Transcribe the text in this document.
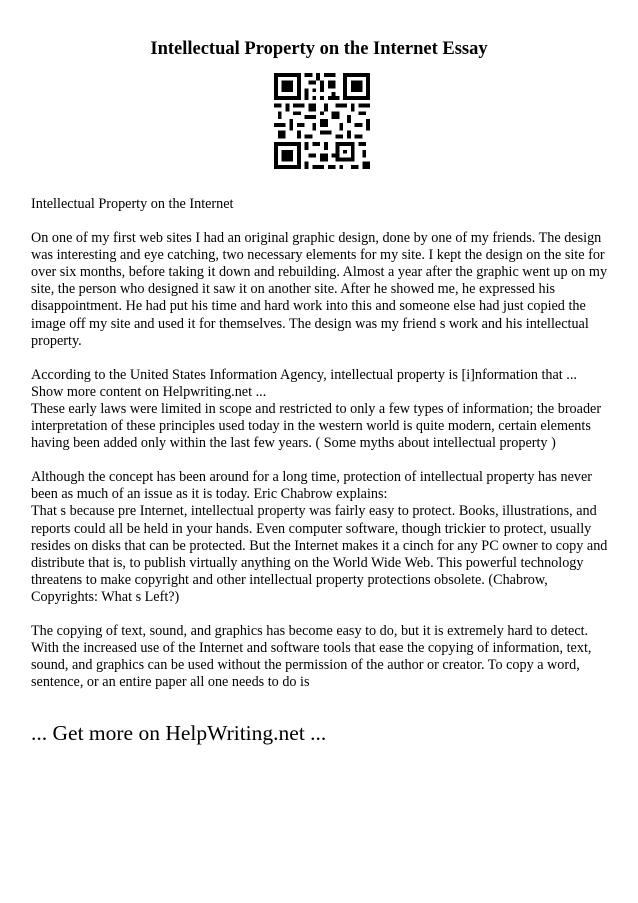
Intellectual Property on the Internet Essay

Intellectual Property on the Internet

On one of my first web sites I had an original graphic design, done by one of my friends. The design was interesting and eye catching, two necessary elements for my site. I kept the design on the site for over six months, before taking it down and rebuilding. Almost a year after the graphic went up on my site, the person who designed it saw it on another site. After he showed me, he expressed his disappointment. He had put his time and hard work into this and someone else had just copied the image off my site and used it for themselves. The design was my friend s work and his intellectual property.

According to the United States Information Agency, intellectual property is [i]nformation that ... Show more content on Helpwriting.net ...

These early laws were limited in scope and restricted to only a few types of information; the broader interpretation of these principles used today in the western world is quite modern, certain elements having been added only within the last few years. ( Some myths about intellectual property )

Although the concept has been around for a long time, protection of intellectual property has never been as much of an issue as it is today. Eric Chabrow explains:

That s because pre Internet, intellectual property was fairly easy to protect. Books, illustrations, and reports could all be held in your hands. Even computer software, though trickier to protect, usually resides on disks that can be protected. But the Internet makes it a cinch for any PC owner to copy and distribute that is, to publish virtually anything on the World Wide Web. This powerful technology threatens to make copyright and other intellectual property protections obsolete. (Chabrow, Copyrights: What s Left?)

The copying of text, sound, and graphics has become easy to do, but it is extremely hard to detect. With the increased use of the Internet and software tools that ease the copying of information, text, sound, and graphics can be used without the permission of the author or creator. To copy a word, sentence, or an entire paper all one needs to do is

... Get more on HelpWriting.net ...
